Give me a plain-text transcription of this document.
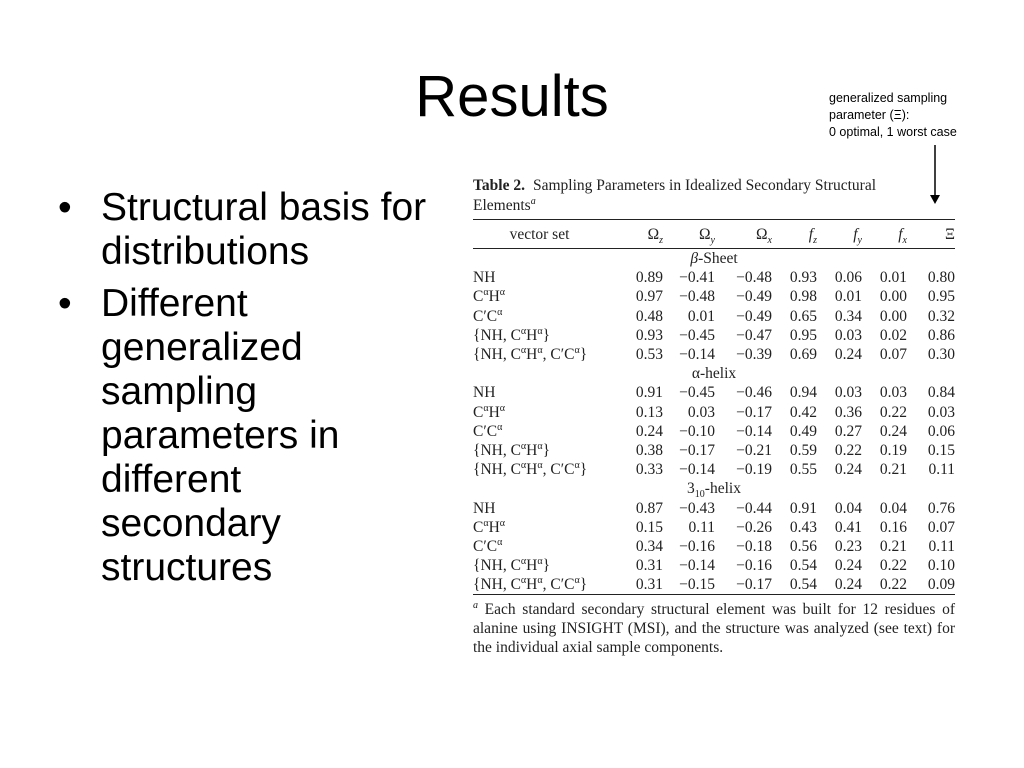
Results
• Structural basis for distributions
• Different generalized sampling parameters in different secondary structures
generalized sampling
parameter (Ξ):
0 optimal, 1 worst case
Table 2. Sampling Parameters in Idealized Secondary Structural
Elements$^a$
vector set	$\Omega_z$	$\Omega_y$	$\Omega_x$	$f_z$	$f_y$	$f_x$	Ξ
β-Sheet							
NH	0.89	−0.41	−0.48	0.93	0.06	0.01	0.80
$C^\alpha H^\alpha$	0.97	−0.48	−0.49	0.98	0.01	0.00	0.95
$C'C^\alpha$	0.48	0.01	−0.49	0.65	0.34	0.00	0.32
{NH, $C^\alpha H^\alpha$}	0.93	−0.45	−0.47	0.95	0.03	0.02	0.86
{NH, $C^\alpha H^\alpha$, $C'C^\alpha$}	0.53	−0.14	−0.39	0.69	0.24	0.07	0.30
α-helix							
NH	0.91	−0.45	−0.46	0.94	0.03	0.03	0.84
$C^\alpha H^\alpha$	0.13	0.03	−0.17	0.42	0.36	0.22	0.03
$C'C^\alpha$	0.24	−0.10	−0.14	0.49	0.27	0.24	0.06
{NH, $C^\alpha H^\alpha$}	0.38	−0.17	−0.21	0.59	0.22	0.19	0.15
{NH, $C^\alpha H^\alpha$, $C'C^\alpha$}	0.33	−0.14	−0.19	0.55	0.24	0.21	0.11
$3_{10}$-helix							
NH	0.87	−0.43	−0.44	0.91	0.04	0.04	0.76
$C^\alpha H^\alpha$	0.15	0.11	−0.26	0.43	0.41	0.16	0.07
$C'C^\alpha$	0.34	−0.16	−0.18	0.56	0.23	0.21	0.11
{NH, $C^\alpha H^\alpha$}	0.31	−0.14	−0.16	0.54	0.24	0.22	0.10
{NH, $C^\alpha H^\alpha$, $C'C^\alpha$}	0.31	−0.15	−0.17	0.54	0.24	0.22	0.09
$^a$ Each standard secondary structural element was built for 12 residues of alanine using INSIGHT (MSI), and the structure was analyzed (see text) for the individual axial sample components.
